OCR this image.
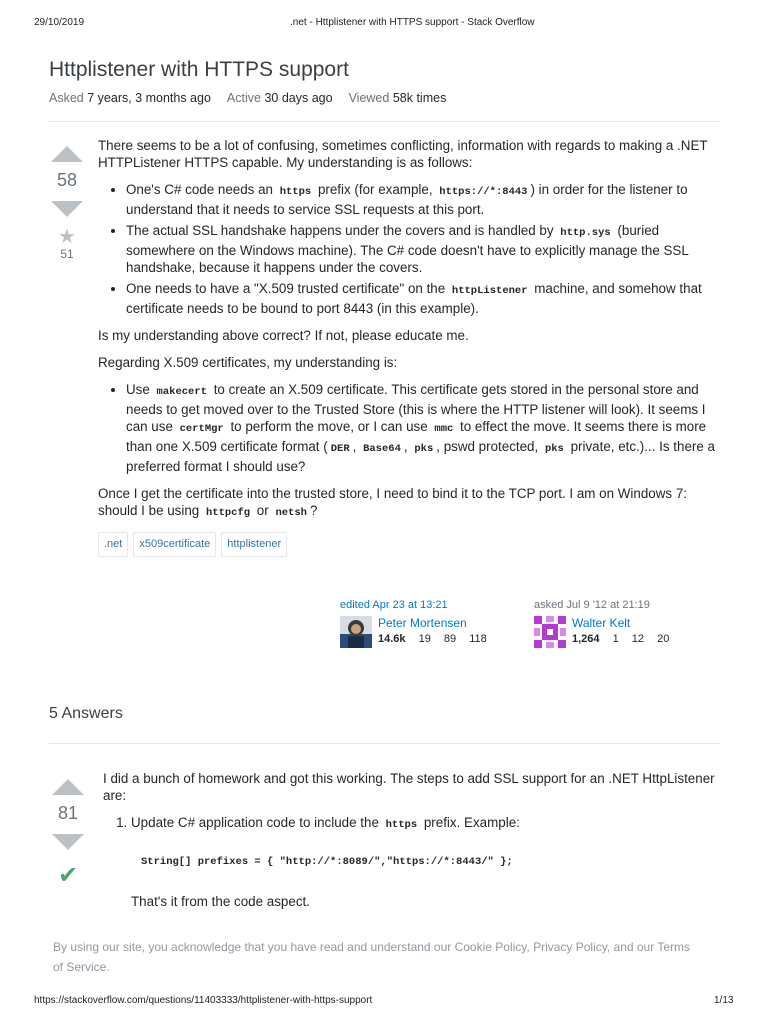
29/10/2019	.net - Httplistener with HTTPS support - Stack Overflow
Httplistener with HTTPS support
Asked 7 years, 3 months ago Active 30 days ago Viewed 58k times
58
★
51

There seems to be a lot of confusing, sometimes conflicting, information with regards to making a .NET HTTPListener HTTPS capable. My understanding is as follows:

• One's C# code needs an https prefix (for example, https://*:8443 ) in order for the listener to understand that it needs to service SSL requests at this port.
• The actual SSL handshake happens under the covers and is handled by http.sys (buried somewhere on the Windows machine). The C# code doesn't have to explicitly manage the SSL handshake, because it happens under the covers.
• One needs to have a "X.509 trusted certificate" on the httpListener machine, and somehow that certificate needs to be bound to port 8443 (in this example).

Is my understanding above correct? If not, please educate me.

Regarding X.509 certificates, my understanding is:

• Use makecert to create an X.509 certificate. This certificate gets stored in the personal store and needs to get moved over to the Trusted Store (this is where the HTTP listener will look). It seems I can use certMgr to perform the move, or I can use mmc to effect the move. It seems there is more than one X.509 certificate format ( DER , Base64 , pks , pswd protected, pks private, etc.)... Is there a preferred format I should use?

Once I get the certificate into the trusted store, I need to bind it to the TCP port. I am on Windows 7: should I be using httpcfg or netsh ?

.net	x509certificate	httplistener
edited Apr 23 at 13:21
Peter Mortensen
14.6k 19 89 118
asked Jul 9 '12 at 21:19
Walter Kelt
1,264 1 12 20
5 Answers
81
✔

I did a bunch of homework and got this working. The steps to add SSL support for an .NET HttpListener are:

1. Update C# application code to include the https prefix. Example:
String[] prefixes = { "http://*:8089/","https://*:8443/" };
That's it from the code aspect.
By using our site, you acknowledge that you have read and understand our Cookie Policy, Privacy Policy, and our Terms of Service.
https://stackoverflow.com/questions/11403333/httplistener-with-https-support	1/13
